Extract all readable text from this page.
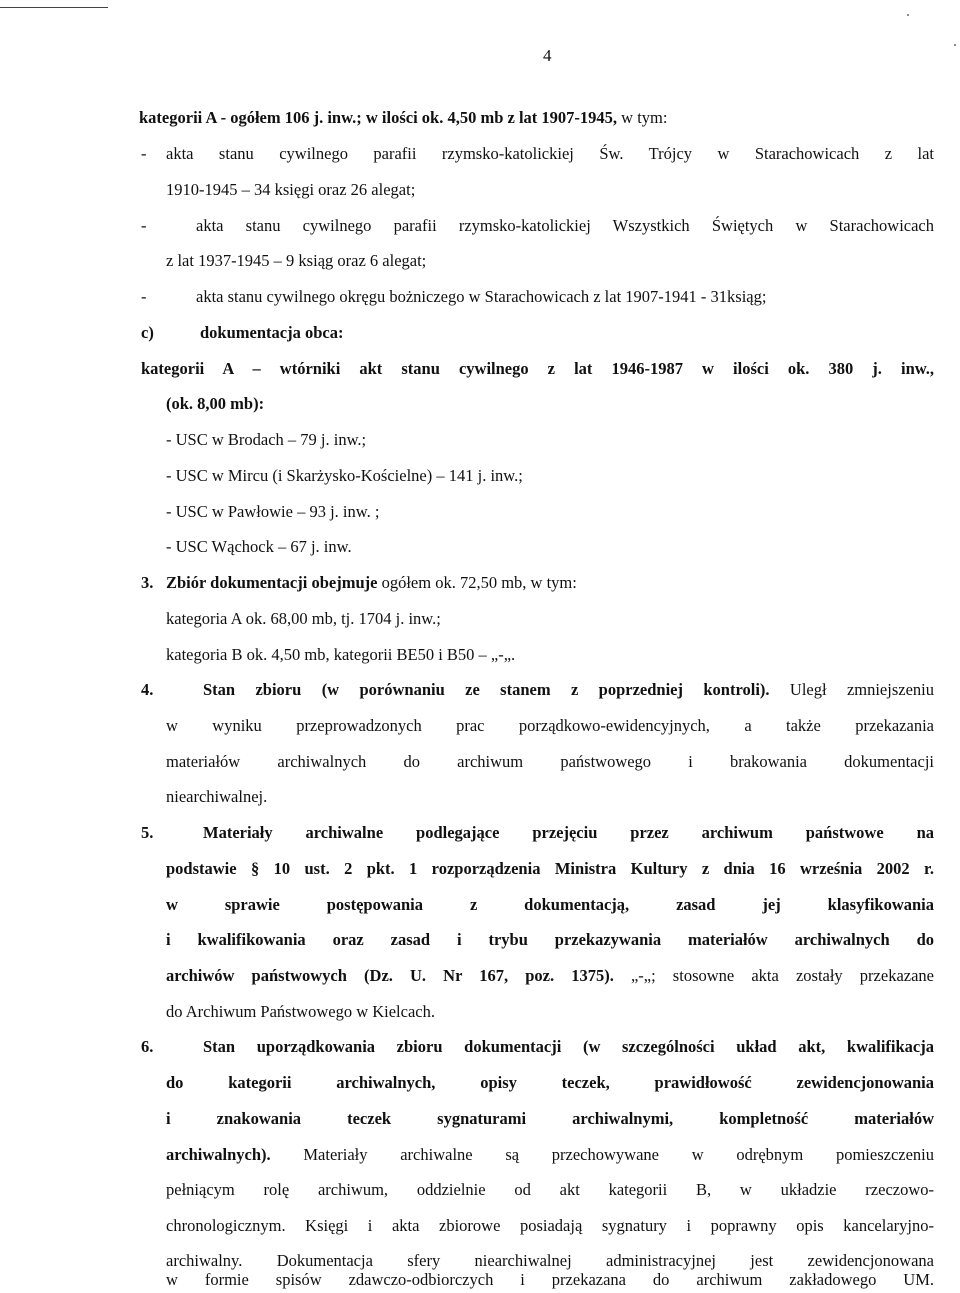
4
kategorii A - ogółem 106 j. inw.; w ilości ok. 4,50 mb z lat 1907-1945, w tym:
- akta stanu cywilnego parafii rzymsko-katolickiej Św. Trójcy w Starachowicach z lat
1910-1945 – 34 księgi oraz 26 alegat;
-	akta stanu cywilnego parafii rzymsko-katolickiej Wszystkich Świętych w Starachowicach
z lat 1937-1945 – 9 ksiąg oraz 6 alegat;
-	akta stanu cywilnego okręgu bożniczego w Starachowicach z lat 1907-1941 - 31ksiąg;
c)	dokumentacja obca:
kategorii A – wtórniki akt stanu cywilnego z lat 1946-1987 w ilości ok. 380 j. inw.,
(ok. 8,00 mb):
- USC w Brodach – 79 j. inw.;
- USC w Mircu (i Skarżysko-Kościelne) – 141 j. inw.;
- USC w Pawłowie – 93 j. inw. ;
- USC Wąchock – 67 j. inw.
3. Zbiór dokumentacji obejmuje ogółem ok. 72,50 mb, w tym:
kategoria A ok. 68,00 mb, tj. 1704 j. inw.;
kategoria B ok. 4,50 mb, kategorii BE50 i B50 – „-„.
4.	Stan zbioru (w porównaniu ze stanem z poprzedniej kontroli). Uległ zmniejszeniu
w wyniku przeprowadzonych prac porządkowo-ewidencyjnych, a także przekazania
materiałów archiwalnych do archiwum państwowego i brakowania dokumentacji
niearchiwalnej.
5.	Materiały archiwalne podlegające przejęciu przez archiwum państwowe na
podstawie § 10 ust. 2 pkt. 1 rozporządzenia Ministra Kultury z dnia 16 września 2002 r.
w sprawie postępowania z dokumentacją, zasad jej klasyfikowania
i kwalifikowania oraz zasad i trybu przekazywania materiałów archiwalnych do
archiwów państwowych (Dz. U. Nr 167, poz. 1375). „-„; stosowne akta zostały przekazane
do Archiwum Państwowego w Kielcach.
6.	Stan uporządkowania zbioru dokumentacji (w szczególności układ akt, kwalifikacja
do kategorii archiwalnych, opisy teczek, prawidłowość zewidencjonowania
i znakowania teczek sygnaturami archiwalnymi, kompletność materiałów
archiwalnych). Materiały archiwalne są przechowywane w odrębnym pomieszczeniu
pełniącym rolę archiwum, oddzielnie od akt kategorii B, w układzie rzeczowo-
chronologicznym. Księgi i akta zbiorowe posiadają sygnatury i poprawny opis kancelaryjno-
archiwalny. Dokumentacja sfery niearchiwalnej administracyjnej jest zewidencjonowana
w formie spisów zdawczo-odbiorczych i przekazana do archiwum zakładowego UM.
